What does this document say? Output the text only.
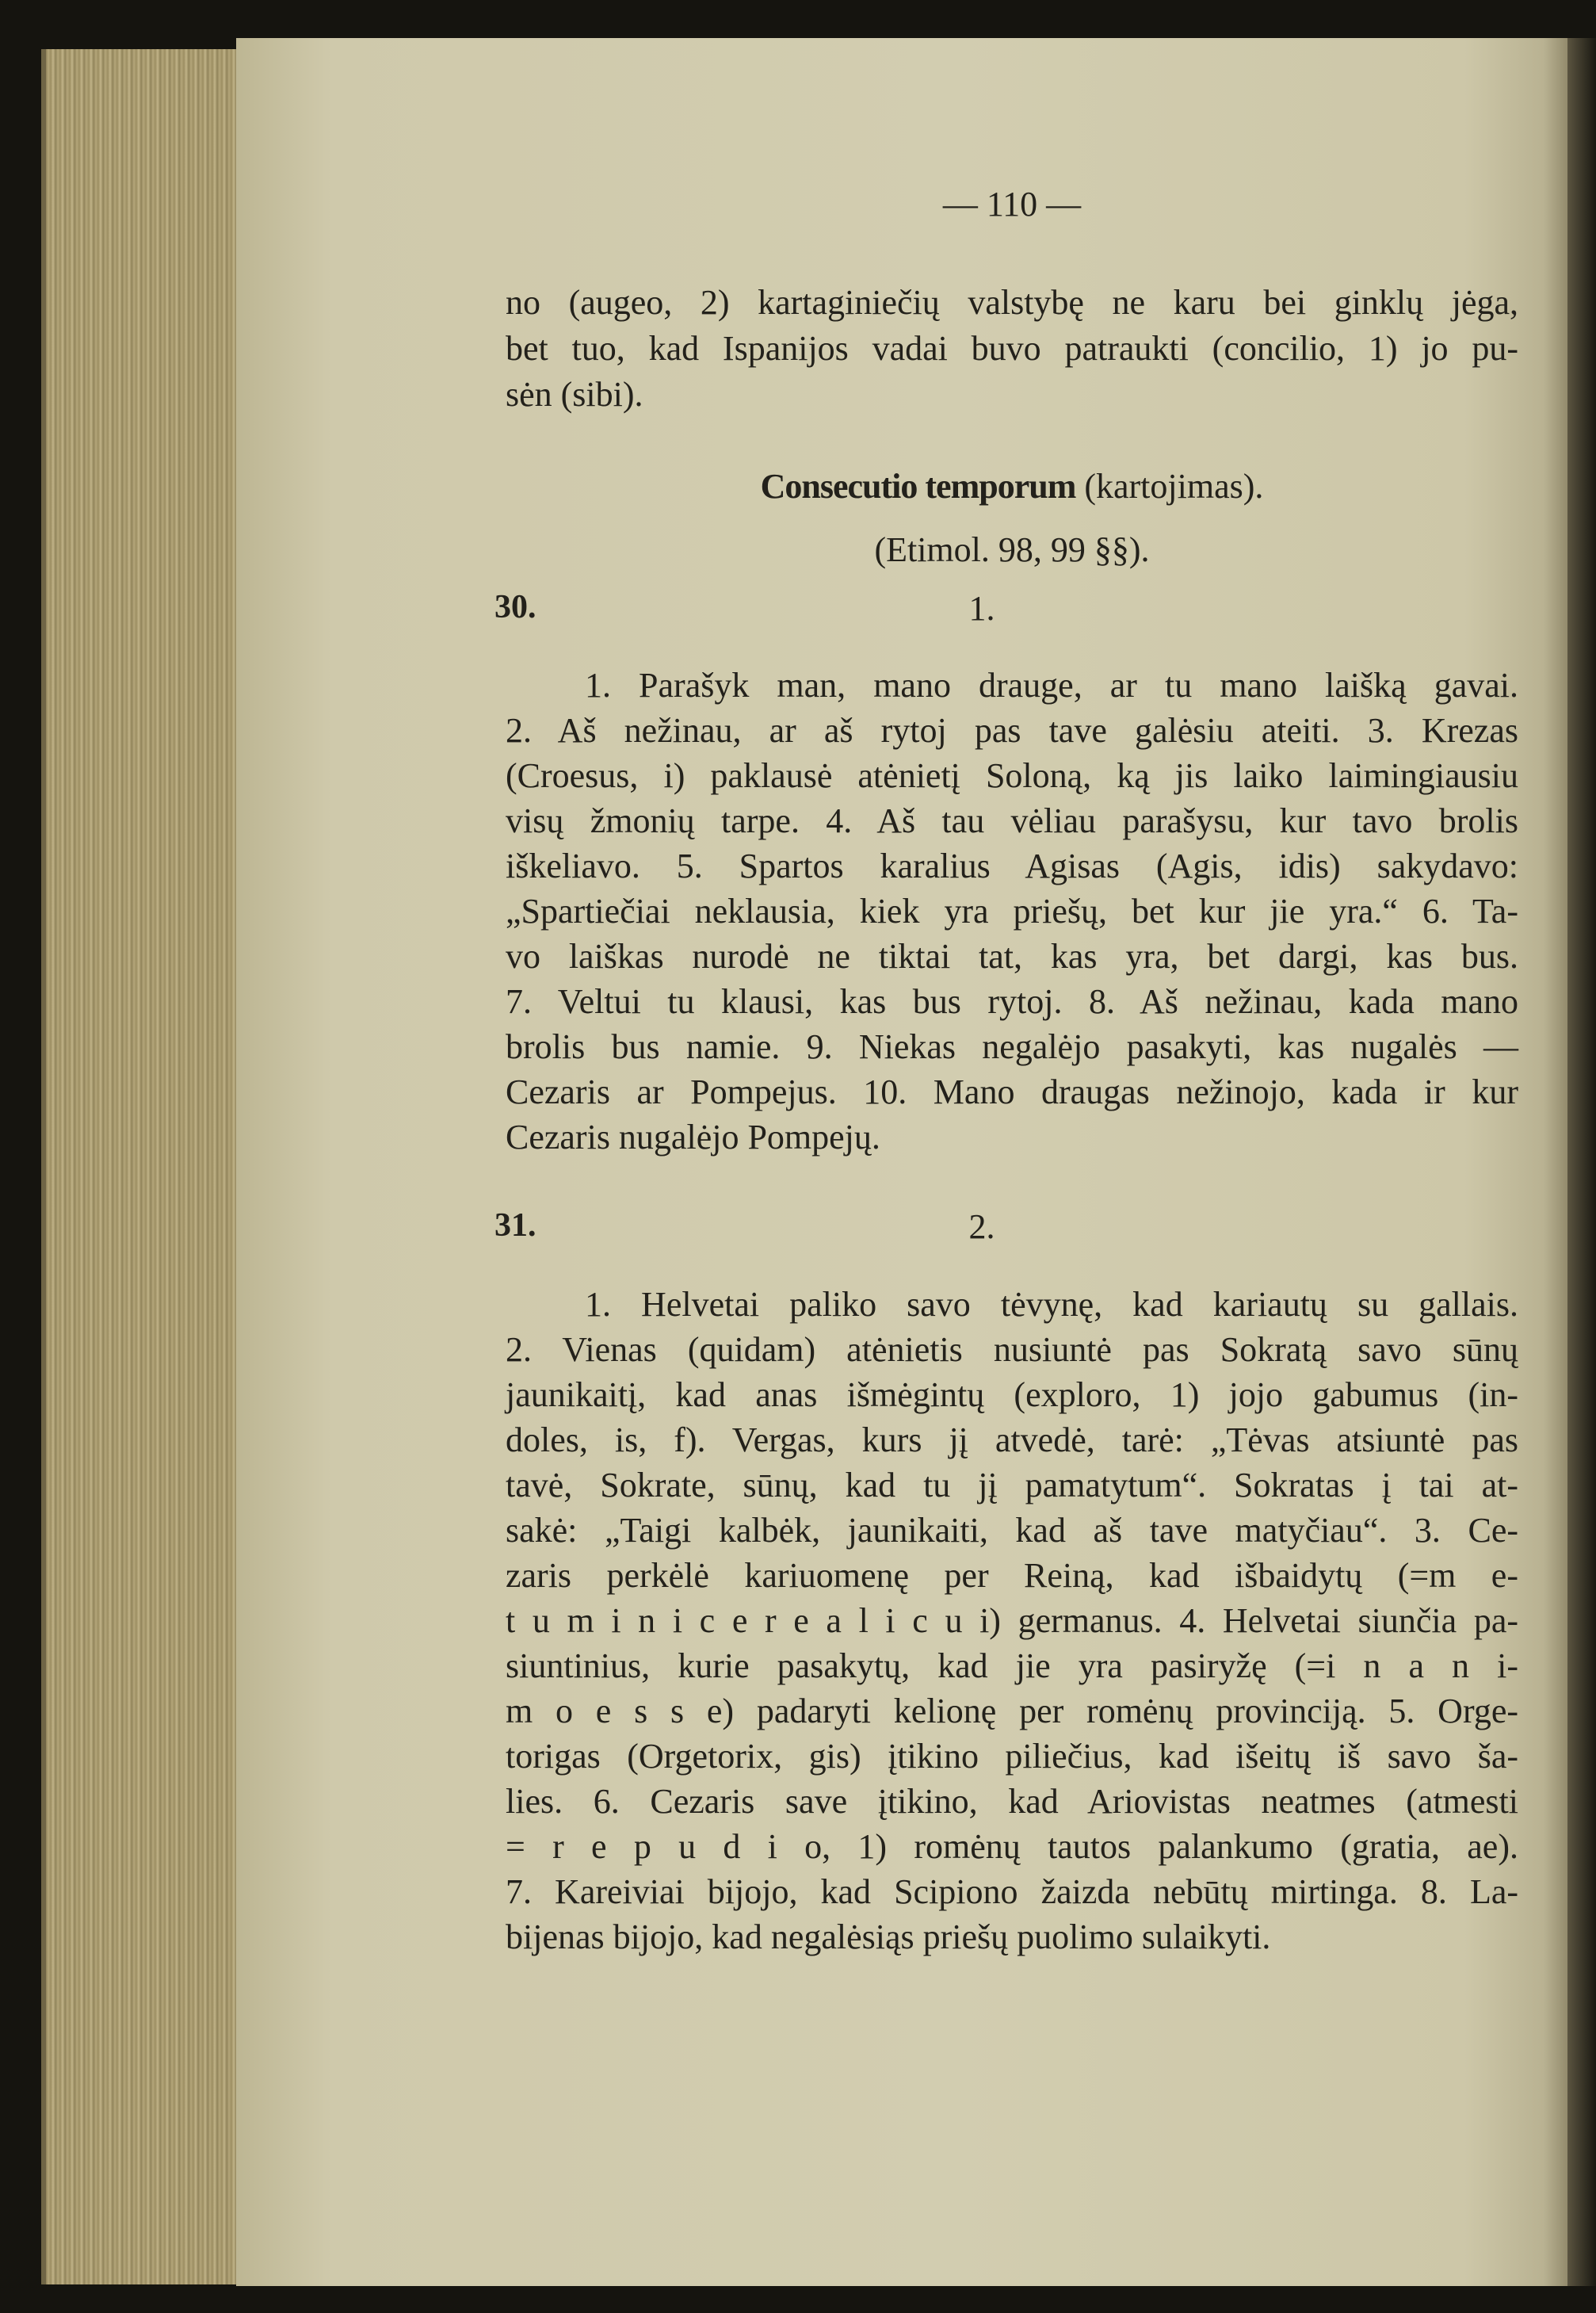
— 110 —
no (augeo, 2) kartaginiečių valstybę ne karu bei ginklų jėga,
bet tuo, kad Ispanijos vadai buvo patraukti (concilio, 1) jo pu-
sėn (sibi).
Consecutio temporum (kartojimas).
(Etimol. 98, 99 §§).
30.	1.
1. Parašyk man, mano drauge, ar tu mano laišką gavai.
2. Aš nežinau, ar aš rytoj pas tave galėsiu ateiti. 3. Krezas
(Croesus, i) paklausė atėnietį Soloną, ką jis laiko laimingiausiu
visų žmonių tarpe. 4. Aš tau vėliau parašysu, kur tavo brolis
iškeliavo. 5. Spartos karalius Agisas (Agis, idis) sakydavo:
„Spartiečiai neklausia, kiek yra priešų, bet kur jie yra.“ 6. Ta-
vo laiškas nurodė ne tiktai tat, kas yra, bet dargi, kas bus.
7. Veltui tu klausi, kas bus rytoj. 8. Aš nežinau, kada mano
brolis bus namie. 9. Niekas negalėjo pasakyti, kas nugalės —
Cezaris ar Pompejus. 10. Mano draugas nežinojo, kada ir kur
Cezaris nugalėjo Pompejų.
31.	2.
1. Helvetai paliko savo tėvynę, kad kariautų su gallais.
2. Vienas (quidam) atėnietis nusiuntė pas Sokratą savo sūnų
jaunikaitį, kad anas išmėgintų (exploro, 1) jojo gabumus (in-
doles, is, f). Vergas, kurs jį atvedė, tarė: „Tėvas atsiuntė pas
tavė, Sokrate, sūnų, kad tu jį pamatytum“. Sokratas į tai at-
sakė: „Taigi kalbėk, jaunikaiti, kad aš tave matyčiau“. 3. Ce-
zaris perkėlė kariuomenę per Reiną, kad išbaidytų (=m e-
t u m i n i c e r e a l i c u i) germanus. 4. Helvetai siunčia pa-
siuntinius, kurie pasakytų, kad jie yra pasiryžę (=i n a n i-
m o e s s e) padaryti kelionę per romėnų provinciją. 5. Orge-
torigas (Orgetorix, gis) įtikino piliečius, kad išeitų iš savo ša-
lies. 6. Cezaris save įtikino, kad Ariovistas neatmes (atmesti
= r e p u d i o, 1) romėnų tautos palankumo (gratia, ae).
7. Kareiviai bijojo, kad Scipiono žaizda nebūtų mirtinga. 8. La-
bijenas bijojo, kad negalėsiąs priešų puolimo sulaikyti.
